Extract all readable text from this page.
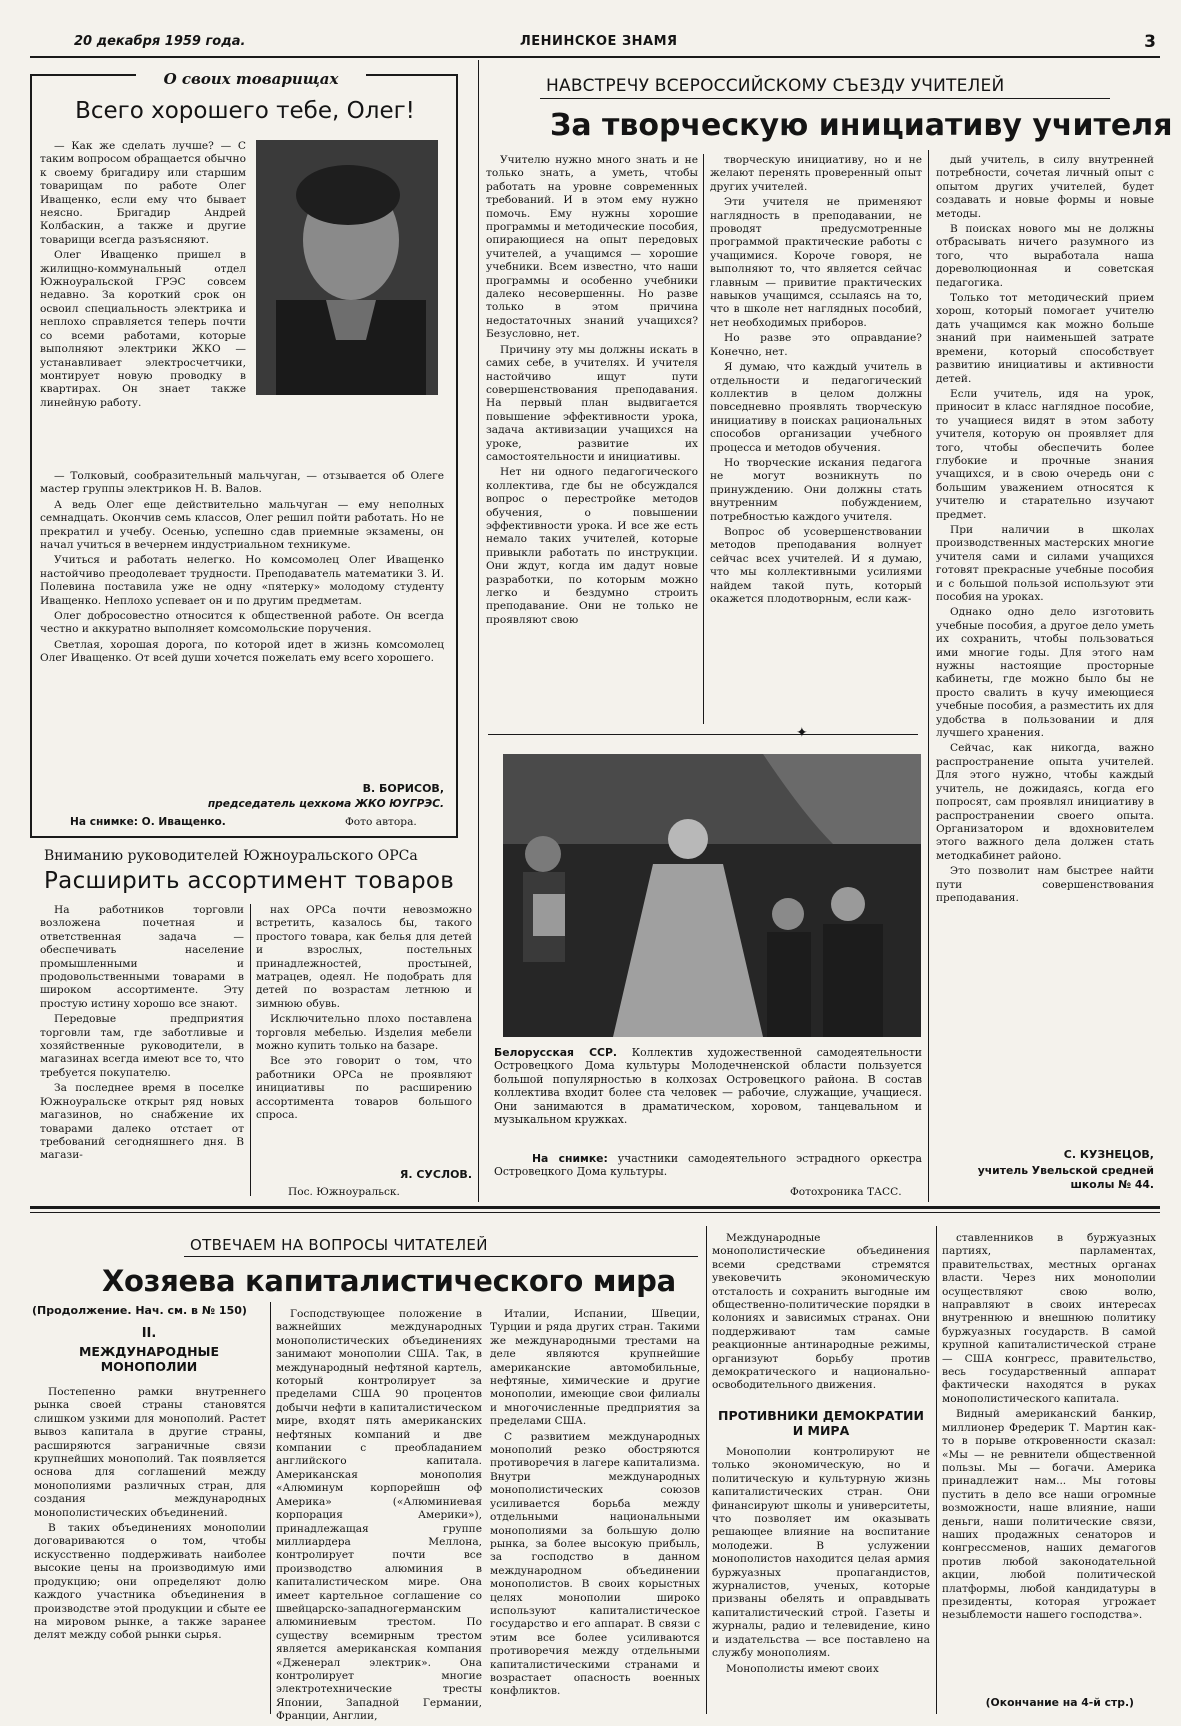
20 декабря 1959 года.	ЛЕНИНСКОЕ ЗНАМЯ	3
О своих товарищах
Всего хорошего тебе, Олег!

— Как же сделать лучше? — С таким вопросом обращается обычно к своему бригадиру или старшим товарищам по работе Олег Иващенко, если ему что бывает неясно. Бригадир Андрей Колбаскин, а также и другие товарищи всегда разъясняют.

Олег Иващенко пришел в жилищно-коммунальный отдел Южноуральской ГРЭС совсем недавно. За короткий срок он освоил специальность электрика и неплохо справляется теперь почти со всеми работами, которые выполняют электрики ЖКО — устанавливает электросчетчики, монтирует новую проводку в квартирах. Он знает также линейную работу.

— Толковый, сообразительный мальчуган, — отзывается об Олеге мастер группы электриков Н. В. Валов.

А ведь Олег еще действительно мальчуган — ему неполных семнадцать. Окончив семь классов, Олег решил пойти работать. Но не прекратил и учебу. Осенью, успешно сдав приемные экзамены, он начал учиться в вечернем индустриальном техникуме.

Учиться и работать нелегко. Но комсомолец Олег Иващенко настойчиво преодолевает трудности. Преподаватель математики З. И. Полевина поставила уже не одну «пятерку» молодому студенту Иващенко. Неплохо успевает он и по другим предметам.

Олег добросовестно относится к общественной работе. Он всегда честно и аккуратно выполняет комсомольские поручения.

Светлая, хорошая дорога, по которой идет в жизнь комсомолец Олег Иващенко. От всей души хочется пожелать ему всего хорошего.

В. БОРИСОВ,
председатель цехкома ЖКО ЮУГРЭС.
На снимке: О. Иващенко.	Фото автора.
НАВСТРЕЧУ ВСЕРОССИЙСКОМУ СЪЕЗДУ УЧИТЕЛЕЙ
За творческую инициативу учителя

Учителю нужно много знать и не только знать, а уметь, чтобы работать на уровне современных требований. И в этом ему нужно помочь. Ему нужны хорошие программы и методические пособия, опирающиеся на опыт передовых учителей, а учащимся — хорошие учебники. Всем известно, что наши программы и особенно учебники далеко несовершенны. Но разве только в этом причина недостаточных знаний учащихся? Безусловно, нет.

Причину эту мы должны искать в самих себе, в учителях. И учителя настойчиво ищут пути совершенствования преподавания. На первый план выдвигается повышение эффективности урока, задача активизации учащихся на уроке, развитие их самостоятельности и инициативы.

Нет ни одного педагогического коллектива, где бы не обсуждался вопрос о перестройке методов обучения, о повышении эффективности урока. И все же есть немало таких учителей, которые привыкли работать по инструкции. Они ждут, когда им дадут новые разработки, по которым можно легко и бездумно строить преподавание. Они не только не проявляют свою

творческую инициативу, но и не желают перенять проверенный опыт других учителей.

Эти учителя не применяют наглядность в преподавании, не проводят предусмотренные программой практические работы с учащимися. Короче говоря, не выполняют то, что является сейчас главным — привитие практических навыков учащимся, ссылаясь на то, что в школе нет наглядных пособий, нет необходимых приборов.

Но разве это оправдание? Конечно, нет.

Я думаю, что каждый учитель в отдельности и педагогический коллектив в целом должны повседневно проявлять творческую инициативу в поисках рациональных способов организации учебного процесса и методов обучения.

Но творческие искания педагога не могут возникнуть по принуждению. Они должны стать внутренним побуждением, потребностью каждого учителя.

Вопрос об усовершенствовании методов преподавания волнует сейчас всех учителей. И я думаю, что мы коллективными усилиями найдем такой путь, который окажется плодотворным, если каж-

дый учитель, в силу внутренней потребности, сочетая личный опыт с опытом других учителей, будет создавать и новые формы и новые методы.

В поисках нового мы не должны отбрасывать ничего разумного из того, что выработала наша дореволюционная и советская педагогика.

Только тот методический прием хорош, который помогает учителю дать учащимся как можно больше знаний при наименьшей затрате времени, который способствует развитию инициативы и активности детей.

Если учитель, идя на урок, приносит в класс наглядное пособие, то учащиеся видят в этом заботу учителя, которую он проявляет для того, чтобы обеспечить более глубокие и прочные знания учащихся, и в свою очередь они с большим уважением относятся к учителю и старательно изучают предмет.

При наличии в школах производственных мастерских многие учителя сами и силами учащихся готовят прекрасные учебные пособия и с большой пользой используют эти пособия на уроках.

Однако одно дело изготовить учебные пособия, а другое дело уметь их сохранить, чтобы пользоваться ими многие годы. Для этого нам нужны настоящие просторные кабинеты, где можно было бы не просто свалить в кучу имеющиеся учебные пособия, а разместить их для удобства в пользовании и для лучшего хранения.

Сейчас, как никогда, важно распространение опыта учителей. Для этого нужно, чтобы каждый учитель, не дожидаясь, когда его попросят, сам проявлял инициативу в распространении своего опыта. Организатором и вдохновителем этого важного дела должен стать методкабинет районо.

Это позволит нам быстрее найти пути совершенствования преподавания.

С. КУЗНЕЦОВ,
учитель Увельской средней школы № 44.
✦
Белорусская ССР. Коллектив художественной самодеятельности Островецкого Дома культуры Молодечненской области пользуется большой популярностью в колхозах Островецкого района. В состав коллектива входит более ста человек — рабочие, служащие, учащиеся. Они занимаются в драматическом, хоровом, танцевальном и музыкальном кружках.
На снимке: участники самодеятельного эстрадного оркестра Островецкого Дома культуры.
Фотохроника ТАСС.
Вниманию руководителей Южноуральского ОРСа
Расширить ассортимент товаров

На работников торговли возложена почетная и ответственная задача — обеспечивать население промышленными и продовольственными товарами в широком ассортименте. Эту простую истину хорошо все знают.

Передовые предприятия торговли там, где заботливые и хозяйственные руководители, в магазинах всегда имеют все то, что требуется покупателю.

За последнее время в поселке Южноуральске открыт ряд новых магазинов, но снабжение их товарами далеко отстает от требований сегодняшнего дня. В магази-

нах ОРСа почти невозможно встретить, казалось бы, такого простого товара, как белья для детей и взрослых, постельных принадлежностей, простыней, матрацев, одеял. Не подобрать для детей по возрастам летнюю и зимнюю обувь.

Исключительно плохо поставлена торговля мебелью. Изделия мебели можно купить только на базаре.

Все это говорит о том, что работники ОРСа не проявляют инициативы по расширению ассортимента товаров большого спроса.

Я. СУСЛОВ.
Пос. Южноуральск.
ОТВЕЧАЕМ НА ВОПРОСЫ ЧИТАТЕЛЕЙ
Хозяева капиталистического мира
(Продолжение. Нач. см. в № 150)
II.
МЕЖДУНАРОДНЫЕ МОНОПОЛИИ

Постепенно рамки внутреннего рынка своей страны становятся слишком узкими для монополий. Растет вывоз капитала в другие страны, расширяются заграничные связи крупнейших монополий. Так появляется основа для соглашений между монополиями различных стран, для создания международных монополистических объединений.

В таких объединениях монополии договариваются о том, чтобы искусственно поддерживать наиболее высокие цены на производимую ими продукцию; они определяют долю каждого участника объединения в производстве этой продукции и сбыте ее на мировом рынке, а также заранее делят между собой рынки сырья.

Господствующее положение в важнейших международных монополистических объединениях занимают монополии США. Так, в международный нефтяной картель, который контролирует за пределами США 90 процентов добычи нефти в капиталистическом мире, входят пять американских нефтяных компаний и две компании с преобладанием английского капитала. Американская монополия «Алюминум корпорейшн оф Америка» («Алюминиевая корпорация Америки»), принадлежащая группе миллиардера Меллона, контролирует почти все производство алюминия в капиталистическом мире. Она имеет картельное соглашение со швейцарско-западногерманским алюминиевым трестом. По существу всемирным трестом является американская компания «Дженерал электрик». Она контролирует многие электротехнические тресты Японии, Западной Германии, Франции, Англии,

Италии, Испании, Швеции, Турции и ряда других стран. Такими же международными трестами на деле являются крупнейшие американские автомобильные, нефтяные, химические и другие монополии, имеющие свои филиалы и многочисленные предприятия за пределами США.

С развитием международных монополий резко обостряются противоречия в лагере капитализма. Внутри международных монополистических союзов усиливается борьба между отдельными национальными монополиями за большую долю рынка, за более высокую прибыль, за господство в данном международном объединении монополистов. В своих корыстных целях монополии широко используют капиталистическое государство и его аппарат. В связи с этим все более усиливаются противоречия между отдельными капиталистическими странами и возрастает опасность военных конфликтов.

Международные монополистические объединения всеми средствами стремятся увековечить экономическую отсталость и сохранить выгодные им общественно-политические порядки в колониях и зависимых странах. Они поддерживают там самые реакционные антинародные режимы, организуют борьбу против демократического и национально-освободительного движения.

ПРОТИВНИКИ ДЕМОКРАТИИ И МИРА

Монополии контролируют не только экономическую, но и политическую и культурную жизнь капиталистических стран. Они финансируют школы и университеты, что позволяет им оказывать решающее влияние на воспитание молодежи. В услужении монополистов находится целая армия буржуазных пропагандистов, журналистов, ученых, которые призваны обелять и оправдывать капиталистический строй. Газеты и журналы, радио и телевидение, кино и издательства — все поставлено на службу монополиям.

Монополисты имеют своих

ставленников в буржуазных партиях, парламентах, правительствах, местных органах власти. Через них монополии осуществляют свою волю, направляют в своих интересах внутреннюю и внешнюю политику буржуазных государств. В самой крупной капиталистической стране — США конгресс, правительство, весь государственный аппарат фактически находятся в руках монополистического капитала.

Видный американский банкир, миллионер Фредерик Т. Мартин как-то в порыве откровенности сказал: «Мы — не ревнители общественной пользы. Мы — богачи. Америка принадлежит нам... Мы готовы пустить в дело все наши огромные возможности, наше влияние, наши деньги, наши политические связи, наших продажных сенаторов и конгрессменов, наших демагогов против любой законодательной акции, любой политической платформы, любой кандидатуры в президенты, которая угрожает незыблемости нашего господства».

(Окончание на 4-й стр.)
